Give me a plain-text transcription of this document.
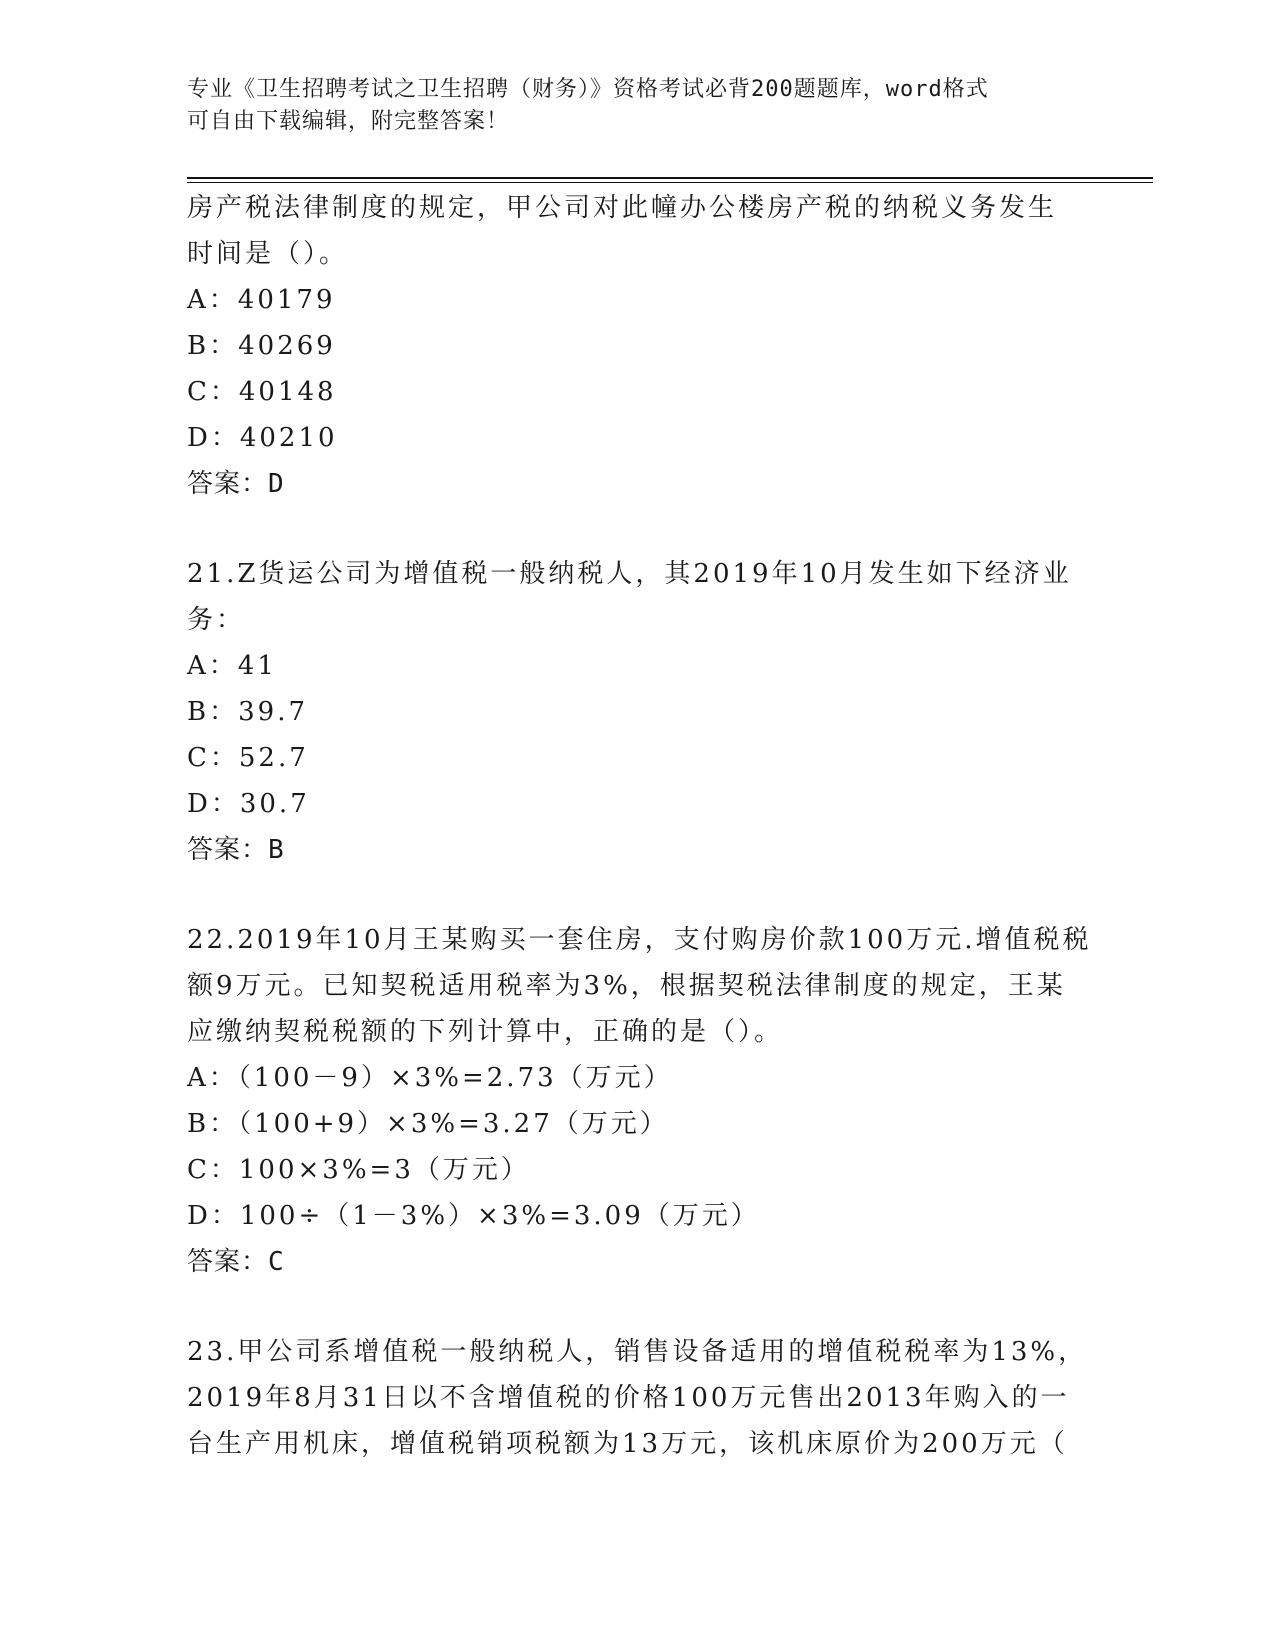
专业《卫生招聘考试之卫生招聘（财务）》资格考试必背200题题库，word格式

可自由下载编辑，附完整答案！

房产税法律制度的规定，甲公司对此幢办公楼房产税的纳税义务发生
时间是（）。
A：40179
B：40269
C：40148
D：40210
答案：D
21.Z货运公司为增值税一般纳税人，其2019年10月发生如下经济业
务：
A：41
B：39.7
C：52.7
D：30.7
答案：B
22.2019年10月王某购买一套住房，支付购房价款100万元.增值税税
额9万元。已知契税适用税率为3%，根据契税法律制度的规定，王某
应缴纳契税税额的下列计算中，正确的是（）。
A：（100－9）×3%=2.73（万元）
B：（100+9）×3%=3.27（万元）
C：100×3%=3（万元）
D：100÷（1－3%）×3%=3.09（万元）
答案：C
23.甲公司系增值税一般纳税人，销售设备适用的增值税税率为13%，
2019年8月31日以不含增值税的价格100万元售出2013年购入的一
台生产用机床，增值税销项税额为13万元，该机床原价为200万元（
